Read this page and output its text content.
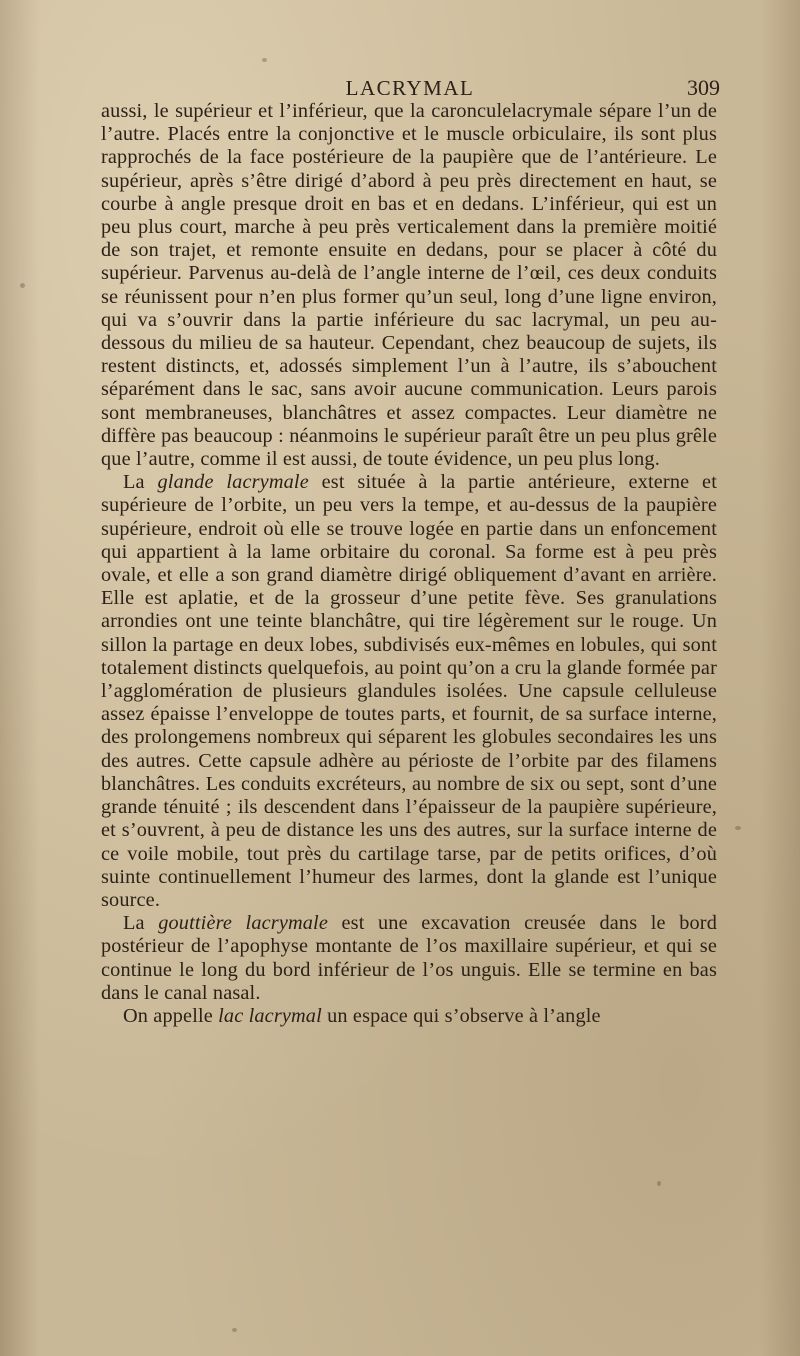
LACRYMAL	309

aussi, le supérieur et l’inférieur, que la caronculelacrymale sépare l’un de l’autre. Placés entre la conjonctive et le muscle orbiculaire, ils sont plus rapprochés de la face postérieure de la paupière que de l’antérieure. Le supérieur, après s’être dirigé d’abord à peu près directement en haut, se courbe à angle presque droit en bas et en dedans. L’inférieur, qui est un peu plus court, marche à peu près verticalement dans la première moitié de son trajet, et remonte ensuite en dedans, pour se placer à côté du supérieur. Parvenus au-delà de l’angle interne de l’œil, ces deux conduits se réunissent pour n’en plus former qu’un seul, long d’une ligne environ, qui va s’ouvrir dans la partie inférieure du sac lacrymal, un peu au-dessous du milieu de sa hauteur. Cependant, chez beaucoup de sujets, ils restent distincts, et, adossés simplement l’un à l’autre, ils s’abouchent séparément dans le sac, sans avoir aucune communication. Leurs parois sont membraneuses, blanchâtres et assez compactes. Leur diamètre ne diffère pas beaucoup : néanmoins le supérieur paraît être un peu plus grêle que l’autre, comme il est aussi, de toute évidence, un peu plus long.

La glande lacrymale est située à la partie antérieure, externe et supérieure de l’orbite, un peu vers la tempe, et au-dessus de la paupière supérieure, endroit où elle se trouve logée en partie dans un enfoncement qui appartient à la lame orbitaire du coronal. Sa forme est à peu près ovale, et elle a son grand diamètre dirigé obliquement d’avant en arrière. Elle est aplatie, et de la grosseur d’une petite fève. Ses granulations arrondies ont une teinte blanchâtre, qui tire légèrement sur le rouge. Un sillon la partage en deux lobes, subdivisés eux-mêmes en lobules, qui sont totalement distincts quelquefois, au point qu’on a cru la glande formée par l’agglomération de plusieurs glandules isolées. Une capsule celluleuse assez épaisse l’enveloppe de toutes parts, et fournit, de sa surface interne, des prolongemens nombreux qui séparent les globules secondaires les uns des autres. Cette capsule adhère au périoste de l’orbite par des filamens blanchâtres. Les conduits excréteurs, au nombre de six ou sept, sont d’une grande ténuité ; ils descendent dans l’épaisseur de la paupière supérieure, et s’ouvrent, à peu de distance les uns des autres, sur la surface interne de ce voile mobile, tout près du cartilage tarse, par de petits orifices, d’où suinte continuellement l’humeur des larmes, dont la glande est l’unique source.

La gouttière lacrymale est une excavation creusée dans le bord postérieur de l’apophyse montante de l’os maxillaire supérieur, et qui se continue le long du bord inférieur de l’os unguis. Elle se termine en bas dans le canal nasal.

On appelle lac lacrymal un espace qui s’observe à l’angle
